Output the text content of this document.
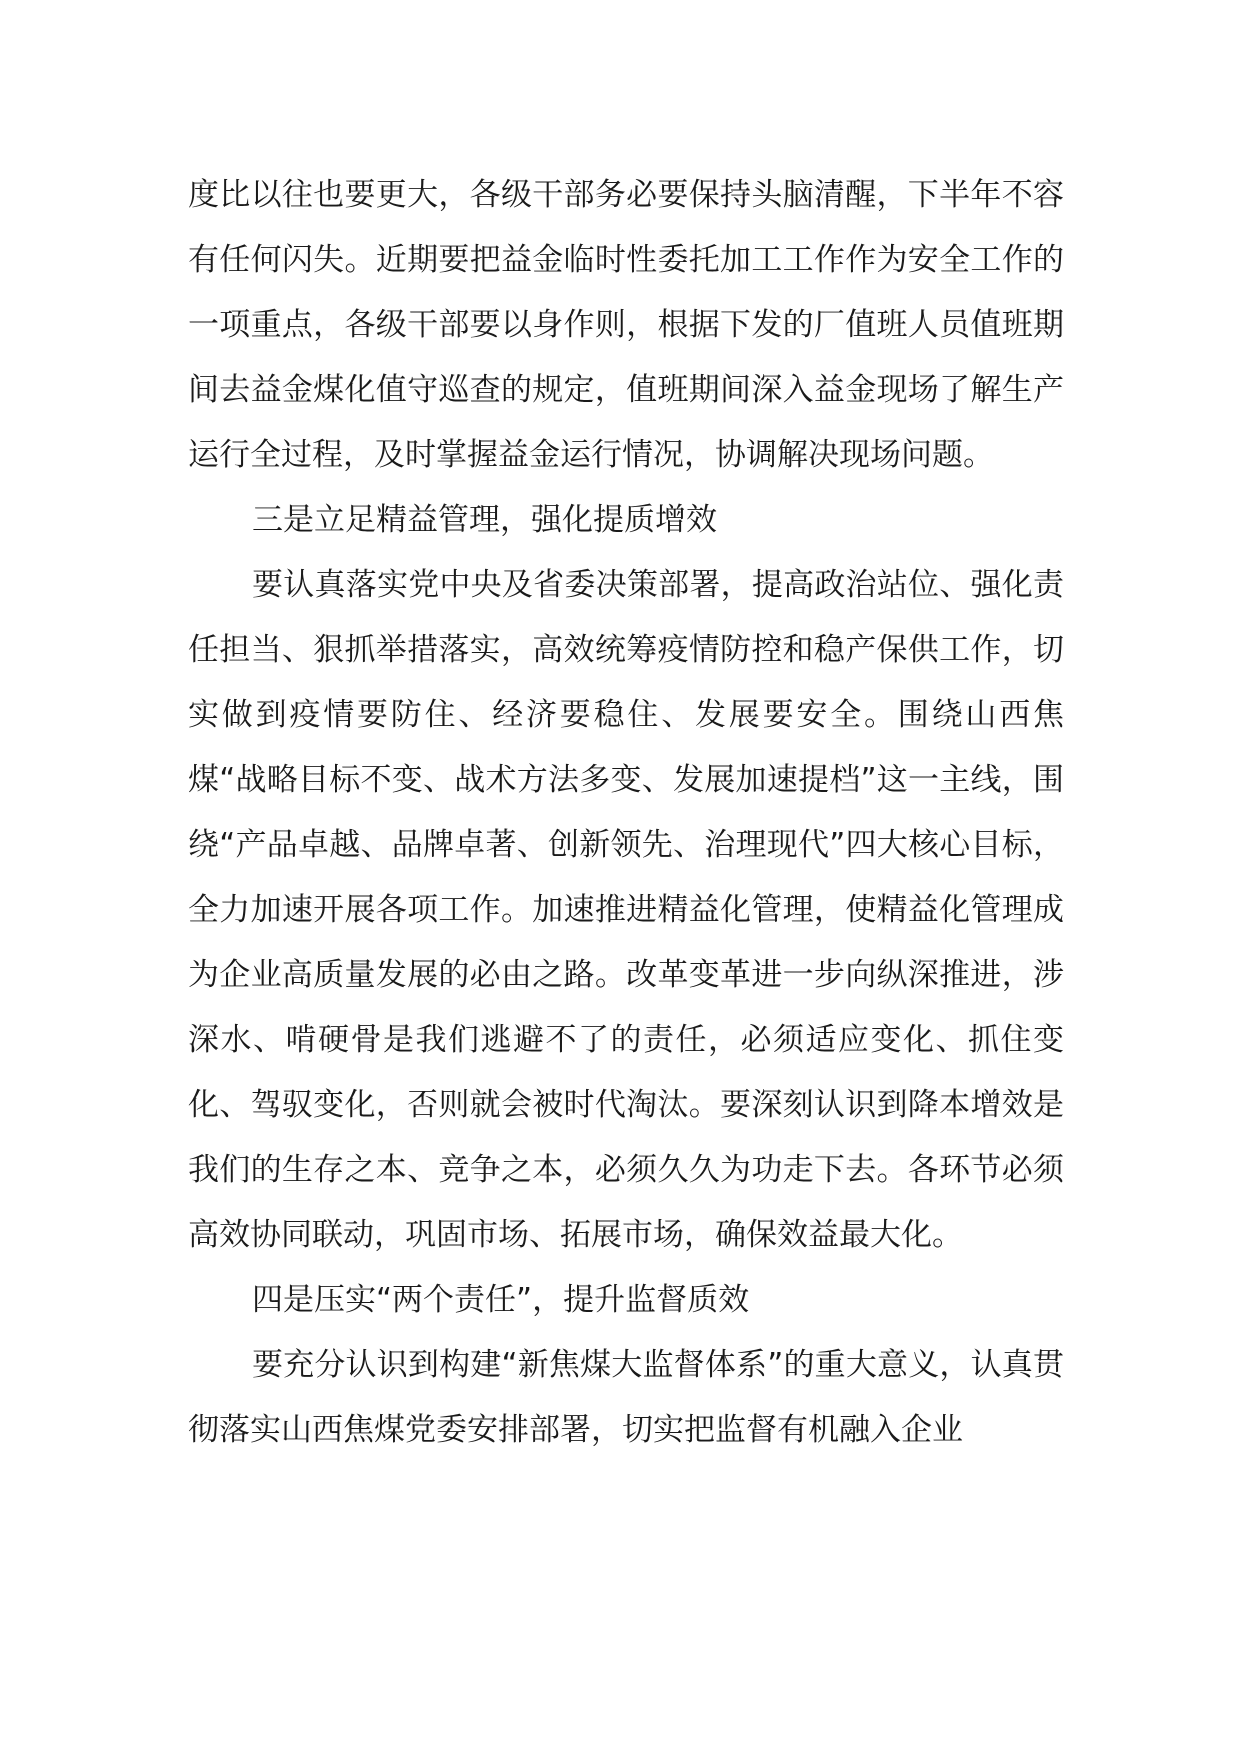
度比以往也要更大，各级干部务必要保持头脑清醒，下半年不容有任何闪失。近期要把益金临时性委托加工工作作为安全工作的一项重点，各级干部要以身作则，根据下发的厂值班人员值班期间去益金煤化值守巡查的规定，值班期间深入益金现场了解生产运行全过程，及时掌握益金运行情况，协调解决现场问题。

三是立足精益管理，强化提质增效

要认真落实党中央及省委决策部署，提高政治站位、强化责任担当、狠抓举措落实，高效统筹疫情防控和稳产保供工作，切实做到疫情要防住、经济要稳住、发展要安全。围绕山西焦煤“战略目标不变、战术方法多变、发展加速提档”这一主线，围绕“产品卓越、品牌卓著、创新领先、治理现代”四大核心目标，全力加速开展各项工作。加速推进精益化管理，使精益化管理成为企业高质量发展的必由之路。改革变革进一步向纵深推进，涉深水、啃硬骨是我们逃避不了的责任，必须适应变化、抓住变化、驾驭变化，否则就会被时代淘汰。要深刻认识到降本增效是我们的生存之本、竞争之本，必须久久为功走下去。各环节必须高效协同联动，巩固市场、拓展市场，确保效益最大化。

四是压实“两个责任”，提升监督质效

要充分认识到构建“新焦煤大监督体系”的重大意义，认真贯彻落实山西焦煤党委安排部署，切实把监督有机融入企业
